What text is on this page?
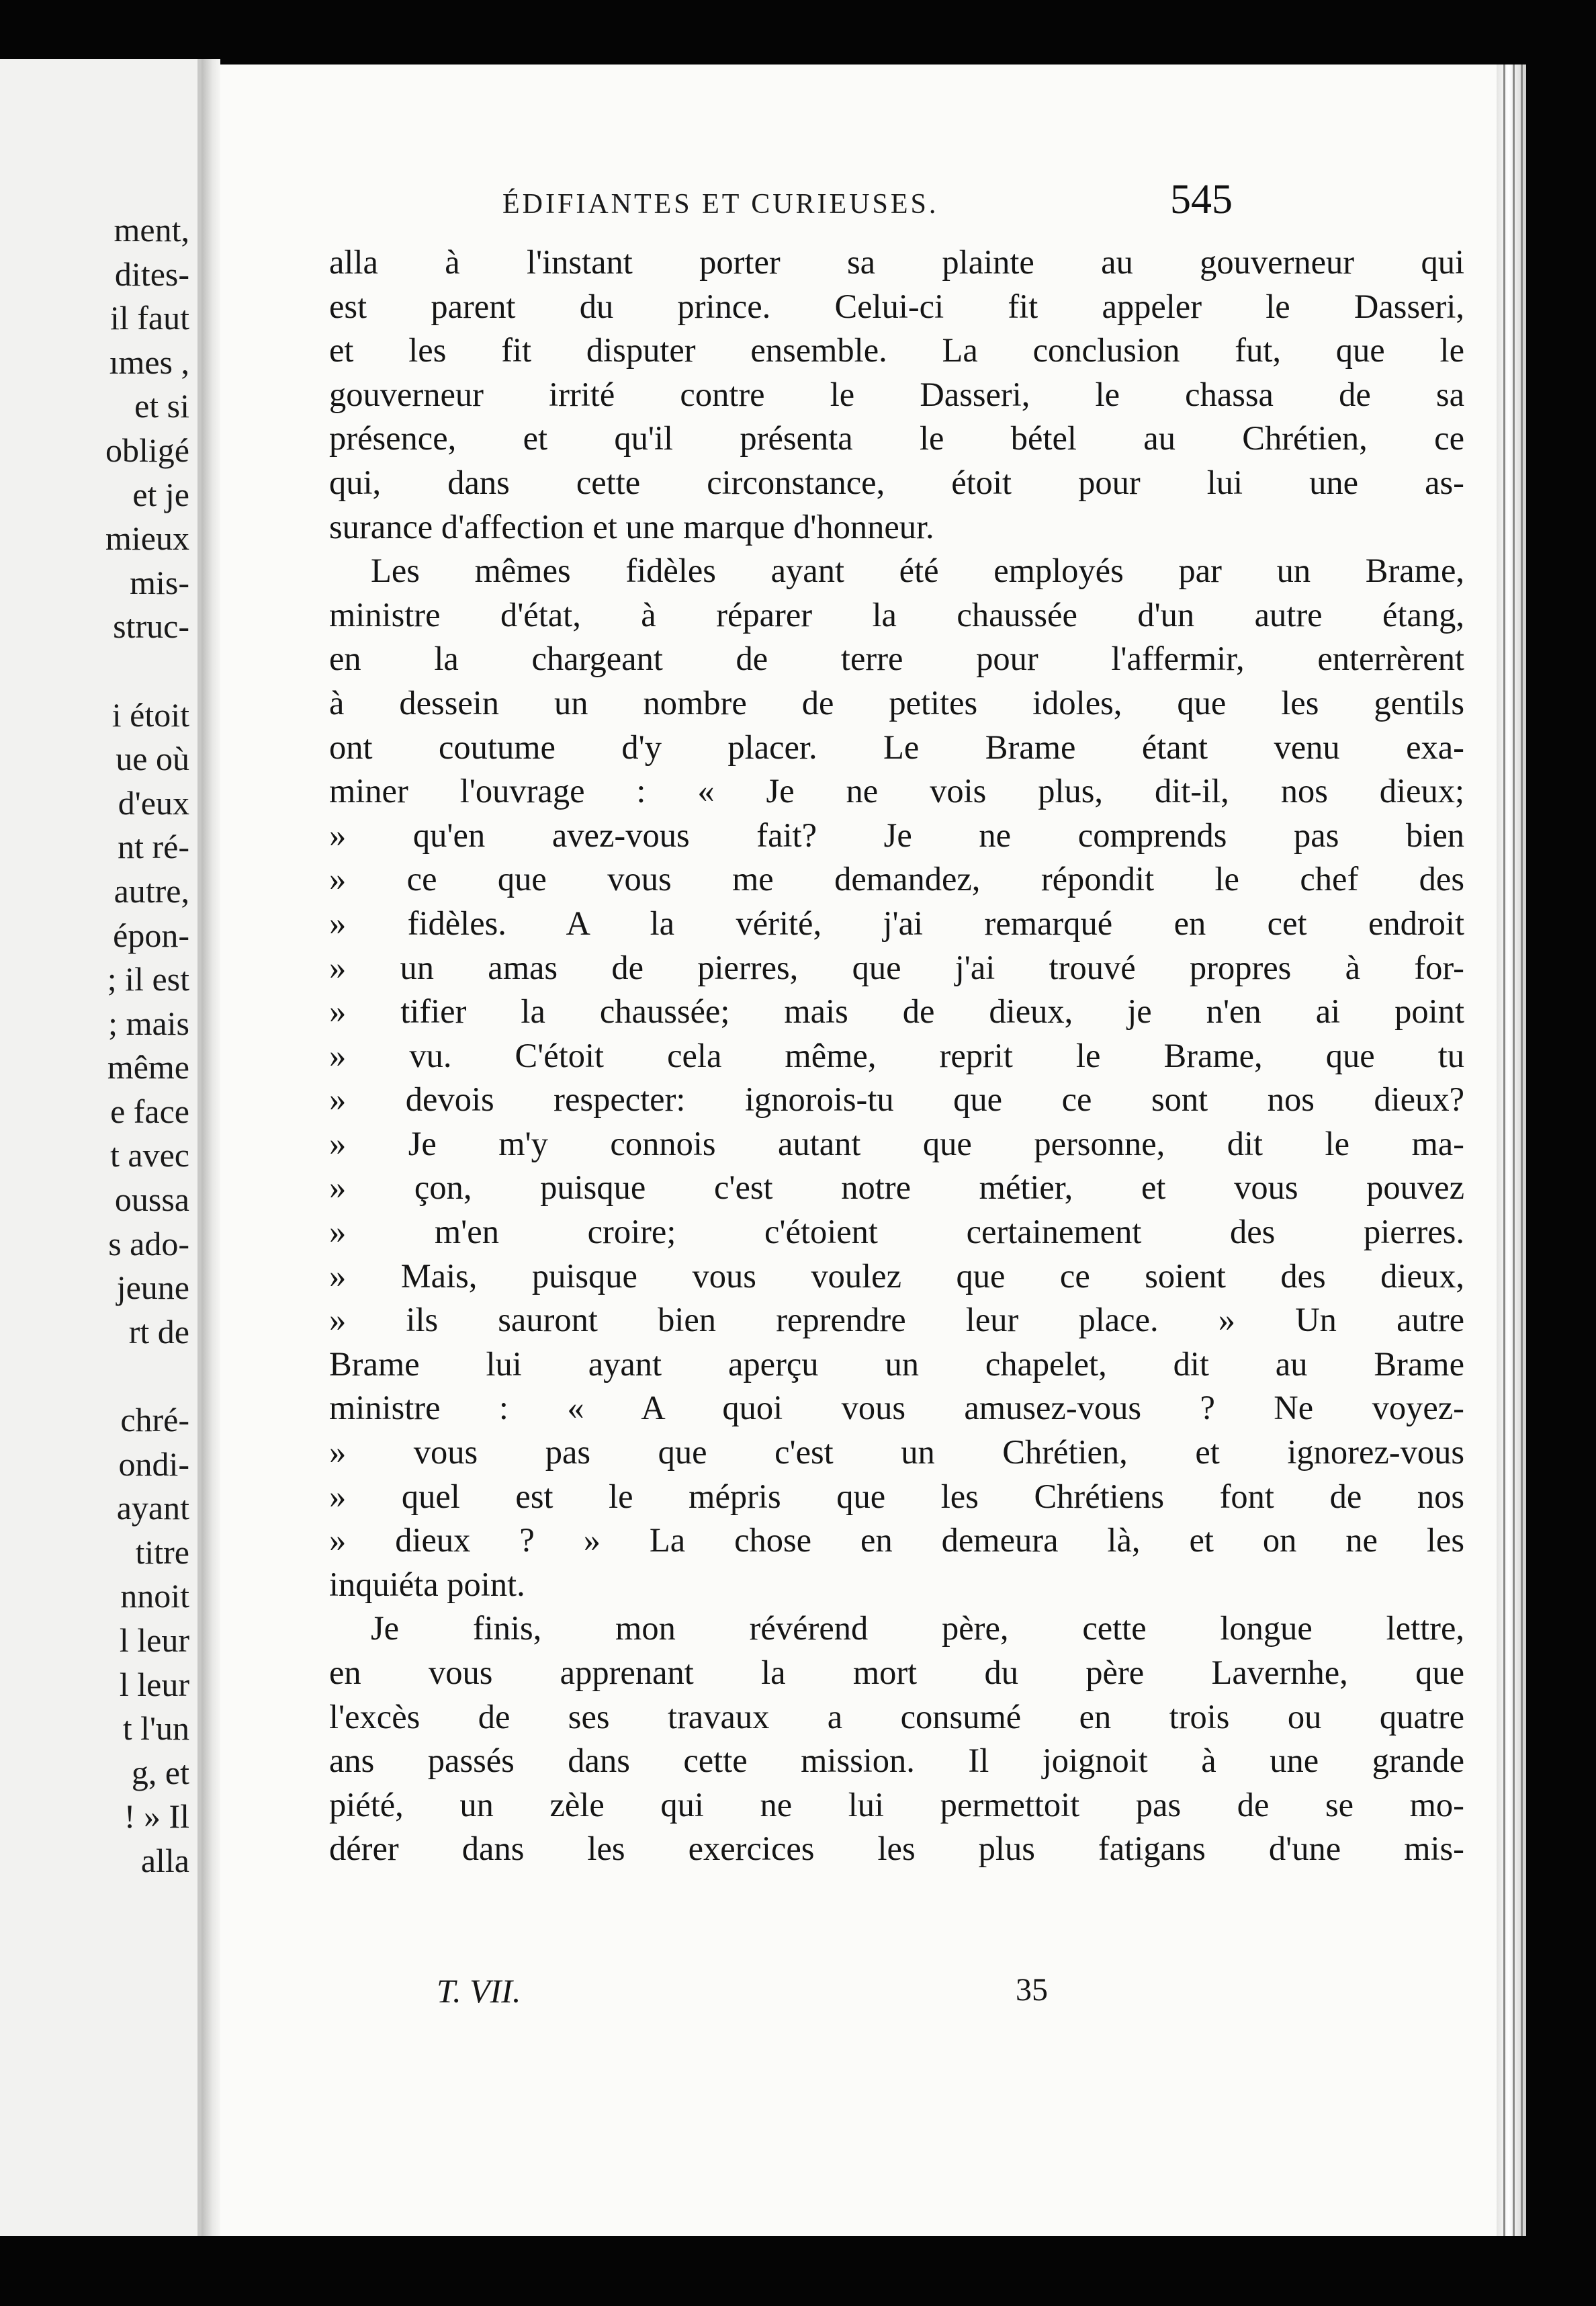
ment,
dites-
il faut
ımes ,
et si
obligé
et je
mieux
mis-
struc-
i étoit
ue où
d'eux
nt ré-
autre,
épon-
; il est
; mais
même
e face
t avec
oussa
s ado-
jeune
rt de
chré-
ondi-
ayant
titre
nnoit
l leur
l leur
t l'un
g, et
! » Il
alla
ÉDIFIANTES ET CURIEUSES.	545
alla à l'instant porter sa plainte au gouverneur qui
est parent du prince. Celui-ci fit appeler le Dasseri,
et les fit disputer ensemble. La conclusion fut, que le
gouverneur irrité contre le Dasseri, le chassa de sa
présence, et qu'il présenta le bétel au Chrétien, ce
qui, dans cette circonstance, étoit pour lui une as-
surance d'affection et une marque d'honneur.
Les mêmes fidèles ayant été employés par un Brame,
ministre d'état, à réparer la chaussée d'un autre étang,
en la chargeant de terre pour l'affermir, enterrèrent
à dessein un nombre de petites idoles, que les gentils
ont coutume d'y placer. Le Brame étant venu exa-
miner l'ouvrage : « Je ne vois plus, dit-il, nos dieux;
» qu'en avez-vous fait? Je ne comprends pas bien
» ce que vous me demandez, répondit le chef des
» fidèles. A la vérité, j'ai remarqué en cet endroit
» un amas de pierres, que j'ai trouvé propres à for-
» tifier la chaussée; mais de dieux, je n'en ai point
» vu. C'étoit cela même, reprit le Brame, que tu
» devois respecter: ignorois-tu que ce sont nos dieux?
» Je m'y connois autant que personne, dit le ma-
» çon, puisque c'est notre métier, et vous pouvez
» m'en croire; c'étoient certainement des pierres.
» Mais, puisque vous voulez que ce soient des dieux,
» ils sauront bien reprendre leur place. » Un autre
Brame lui ayant aperçu un chapelet, dit au Brame
ministre : « A quoi vous amusez-vous ? Ne voyez-
» vous pas que c'est un Chrétien, et ignorez-vous
» quel est le mépris que les Chrétiens font de nos
» dieux ? » La chose en demeura là, et on ne les
inquiéta point.
Je finis, mon révérend père, cette longue lettre,
en vous apprenant la mort du père Lavernhe, que
l'excès de ses travaux a consumé en trois ou quatre
ans passés dans cette mission. Il joignoit à une grande
piété, un zèle qui ne lui permettoit pas de se mo-
dérer dans les exercices les plus fatigans d'une mis-
T. VII.	35
